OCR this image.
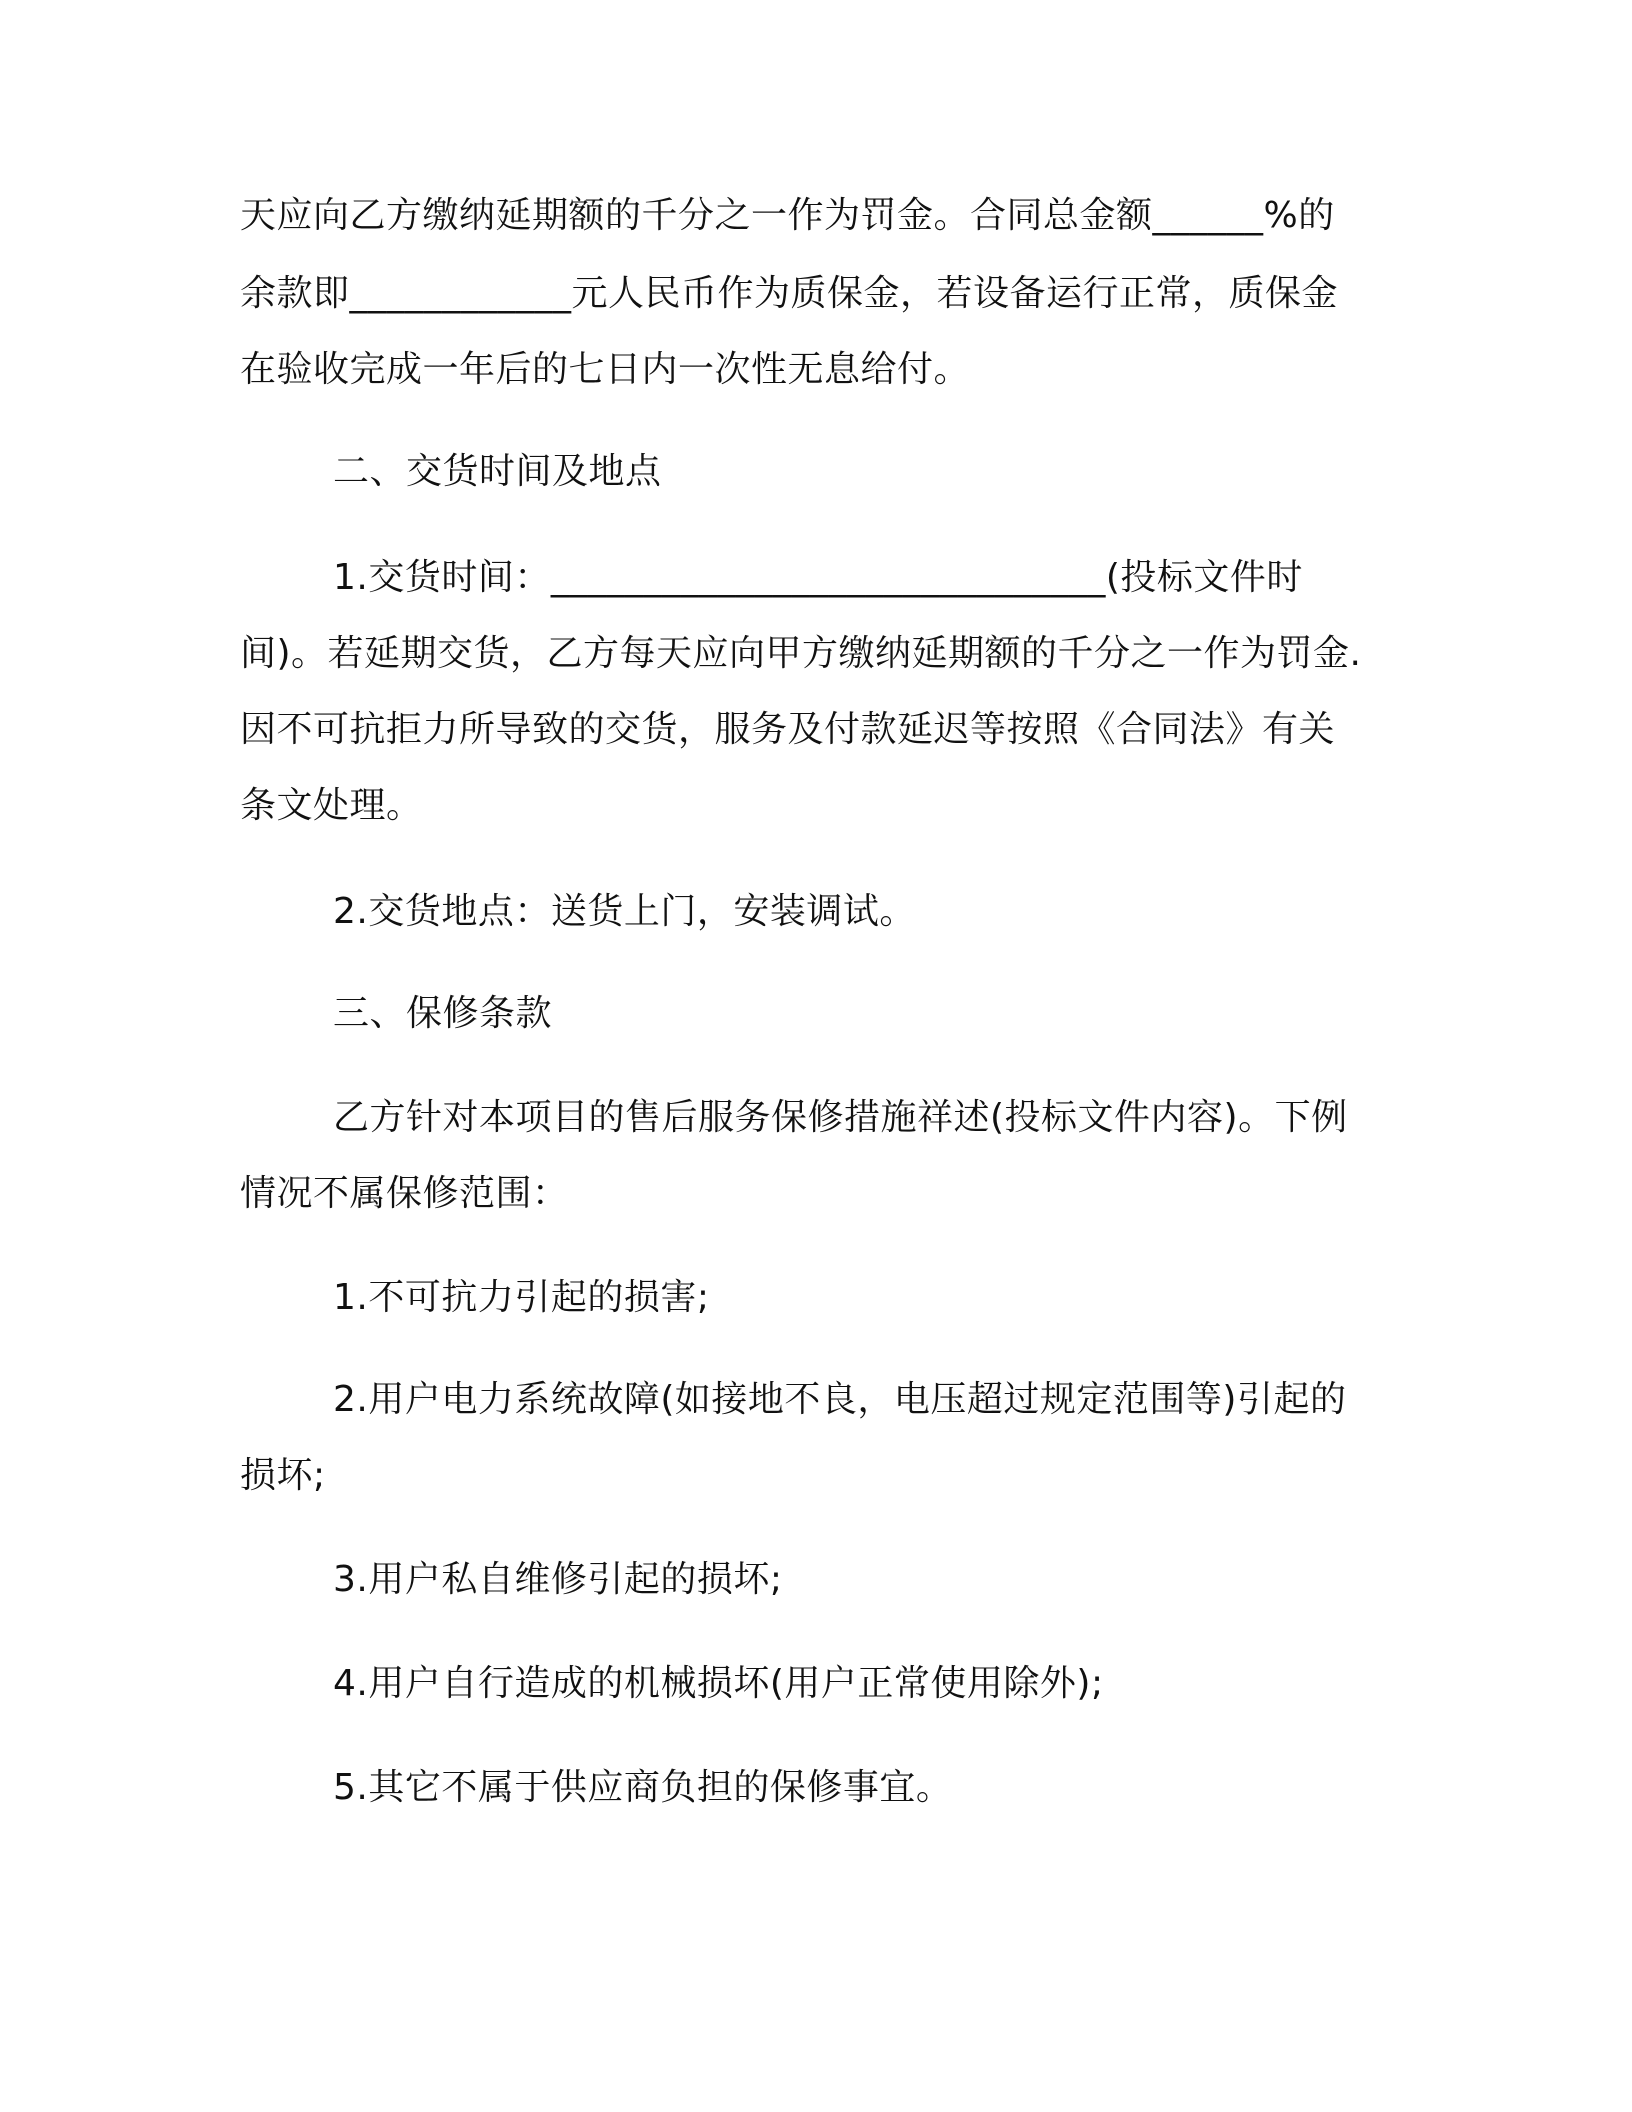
天应向乙方缴纳延期额的千分之一作为罚金。合同总金额______%的

余款即____________元人民币作为质保金，若设备运行正常，质保金

在验收完成一年后的七日内一次性无息给付。

二、交货时间及地点

1.交货时间：______________________________(投标文件时

间)。若延期交货，乙方每天应向甲方缴纳延期额的千分之一作为罚金.

因不可抗拒力所导致的交货，服务及付款延迟等按照《合同法》有关

条文处理。

2.交货地点：送货上门，安装调试。

三、保修条款

乙方针对本项目的售后服务保修措施祥述(投标文件内容)。下例

情况不属保修范围：

1.不可抗力引起的损害;

2.用户电力系统故障(如接地不良，电压超过规定范围等)引起的

损坏;

3.用户私自维修引起的损坏;

4.用户自行造成的机械损坏(用户正常使用除外);

5.其它不属于供应商负担的保修事宜。
